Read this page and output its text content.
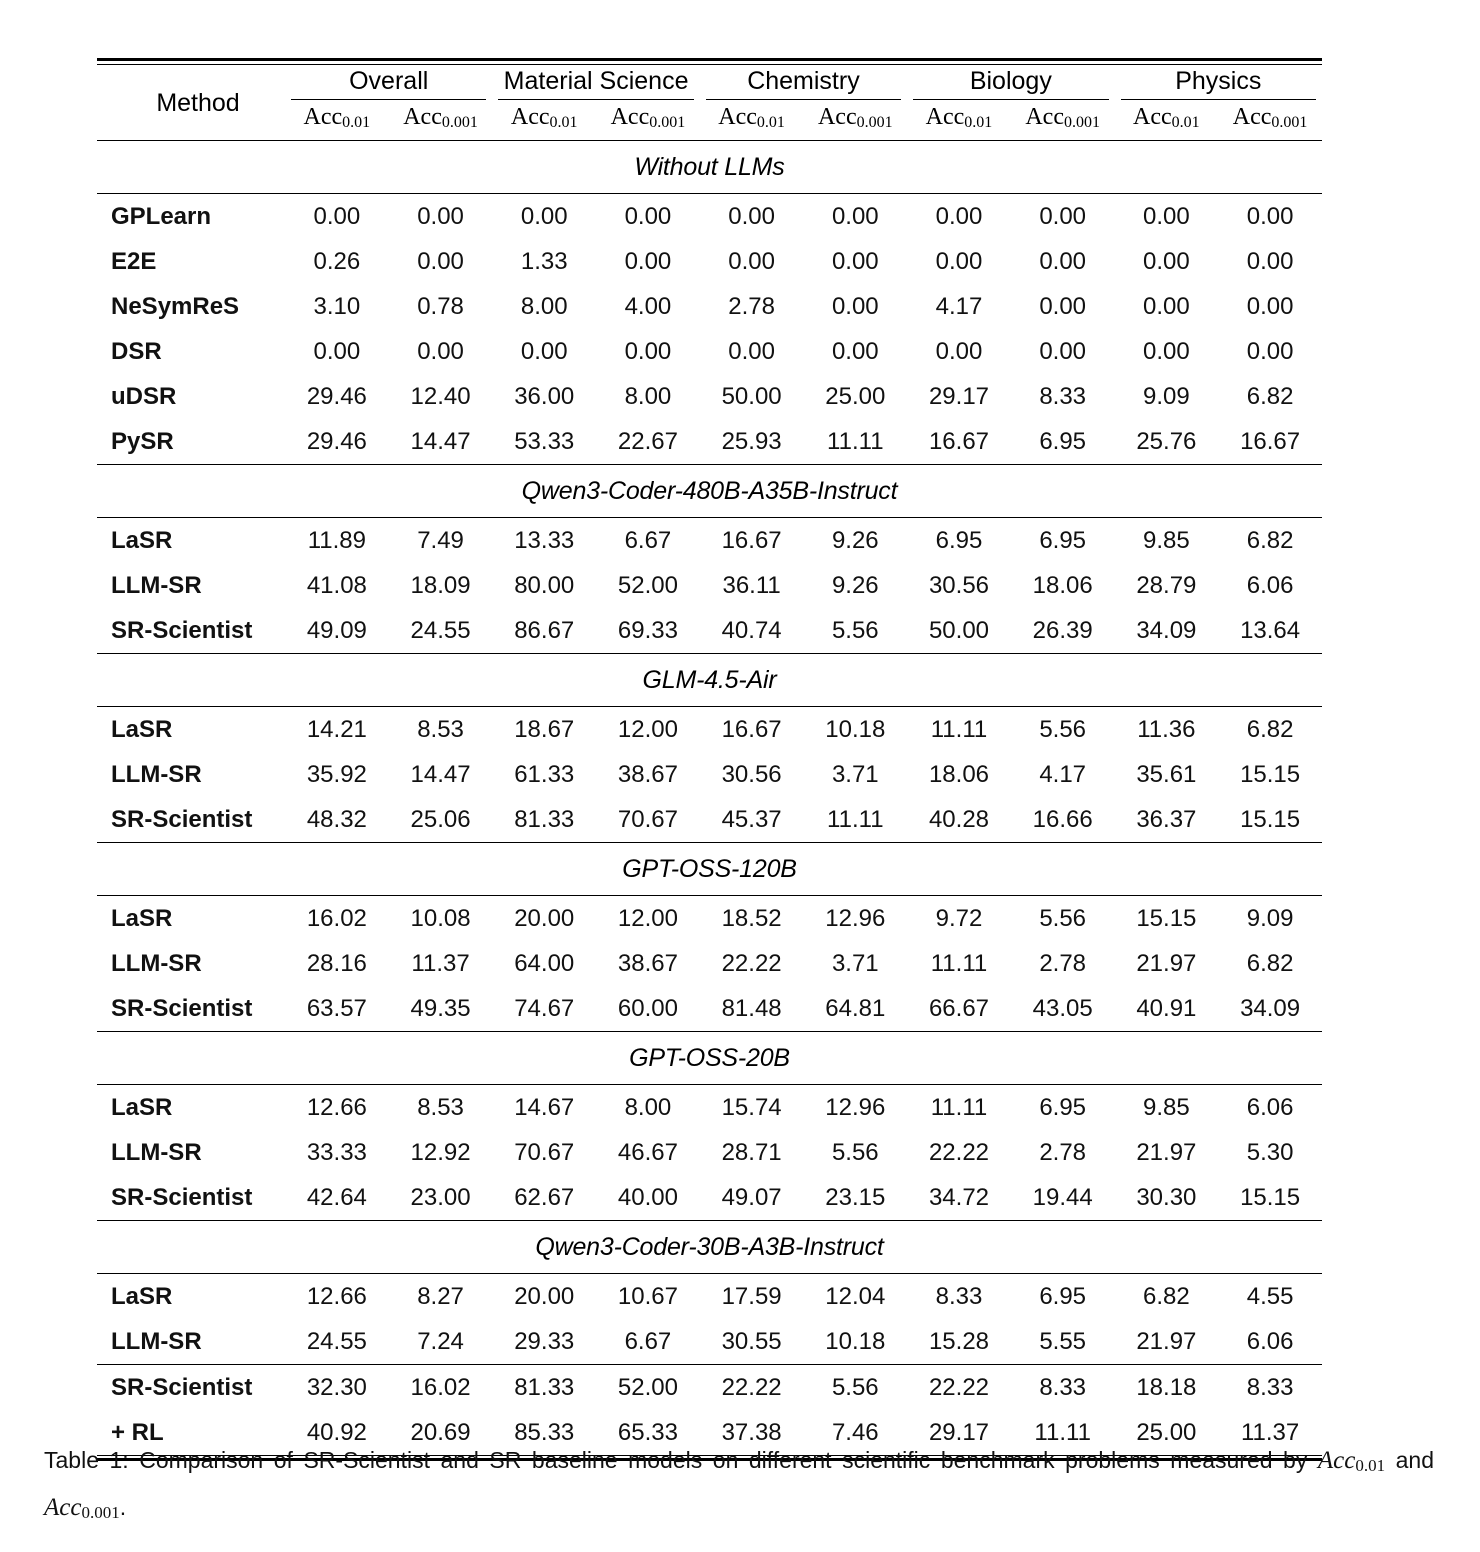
Method	Overall		Material Science		Chemistry		Biology		Physics	

	Acc$_{0.01}$	Acc$_{0.001}$	Acc$_{0.01}$	Acc$_{0.001}$	Acc$_{0.01}$	Acc$_{0.001}$	Acc$_{0.01}$	Acc$_{0.001}$	Acc$_{0.01}$	Acc$_{0.001}$

Without LLMs										

GPLearn	0.00	0.00	0.00	0.00	0.00	0.00	0.00	0.00	0.00	0.00
E2E	0.26	0.00	1.33	0.00	0.00	0.00	0.00	0.00	0.00	0.00
NeSymReS	3.10	0.78	8.00	4.00	2.78	0.00	4.17	0.00	0.00	0.00
DSR	0.00	0.00	0.00	0.00	0.00	0.00	0.00	0.00	0.00	0.00
uDSR	29.46	12.40	36.00	8.00	50.00	25.00	29.17	8.33	9.09	6.82
PySR	29.46	14.47	53.33	22.67	25.93	11.11	16.67	6.95	25.76	16.67

Qwen3-Coder-480B-A35B-Instruct										

LaSR	11.89	7.49	13.33	6.67	16.67	9.26	6.95	6.95	9.85	6.82
LLM-SR	41.08	18.09	80.00	52.00	36.11	9.26	30.56	18.06	28.79	6.06
SR-Scientist	49.09	24.55	86.67	69.33	40.74	5.56	50.00	26.39	34.09	13.64

GLM-4.5-Air										

LaSR	14.21	8.53	18.67	12.00	16.67	10.18	11.11	5.56	11.36	6.82
LLM-SR	35.92	14.47	61.33	38.67	30.56	3.71	18.06	4.17	35.61	15.15
SR-Scientist	48.32	25.06	81.33	70.67	45.37	11.11	40.28	16.66	36.37	15.15

GPT-OSS-120B										

LaSR	16.02	10.08	20.00	12.00	18.52	12.96	9.72	5.56	15.15	9.09
LLM-SR	28.16	11.37	64.00	38.67	22.22	3.71	11.11	2.78	21.97	6.82
SR-Scientist	63.57	49.35	74.67	60.00	81.48	64.81	66.67	43.05	40.91	34.09

GPT-OSS-20B										

LaSR	12.66	8.53	14.67	8.00	15.74	12.96	11.11	6.95	9.85	6.06
LLM-SR	33.33	12.92	70.67	46.67	28.71	5.56	22.22	2.78	21.97	5.30
SR-Scientist	42.64	23.00	62.67	40.00	49.07	23.15	34.72	19.44	30.30	15.15

Qwen3-Coder-30B-A3B-Instruct										

LaSR	12.66	8.27	20.00	10.67	17.59	12.04	8.33	6.95	6.82	4.55
LLM-SR	24.55	7.24	29.33	6.67	30.55	10.18	15.28	5.55	21.97	6.06

SR-Scientist	32.30	16.02	81.33	52.00	22.22	5.56	22.22	8.33	18.18	8.33
+ RL	40.92	20.69	85.33	65.33	37.38	7.46	29.17	11.11	25.00	11.37

Table 1: Comparison of SR-Scientist and SR baseline models on different scientific benchmark problems measured by Acc$_{0.01}$ and Acc$_{0.001}$.
